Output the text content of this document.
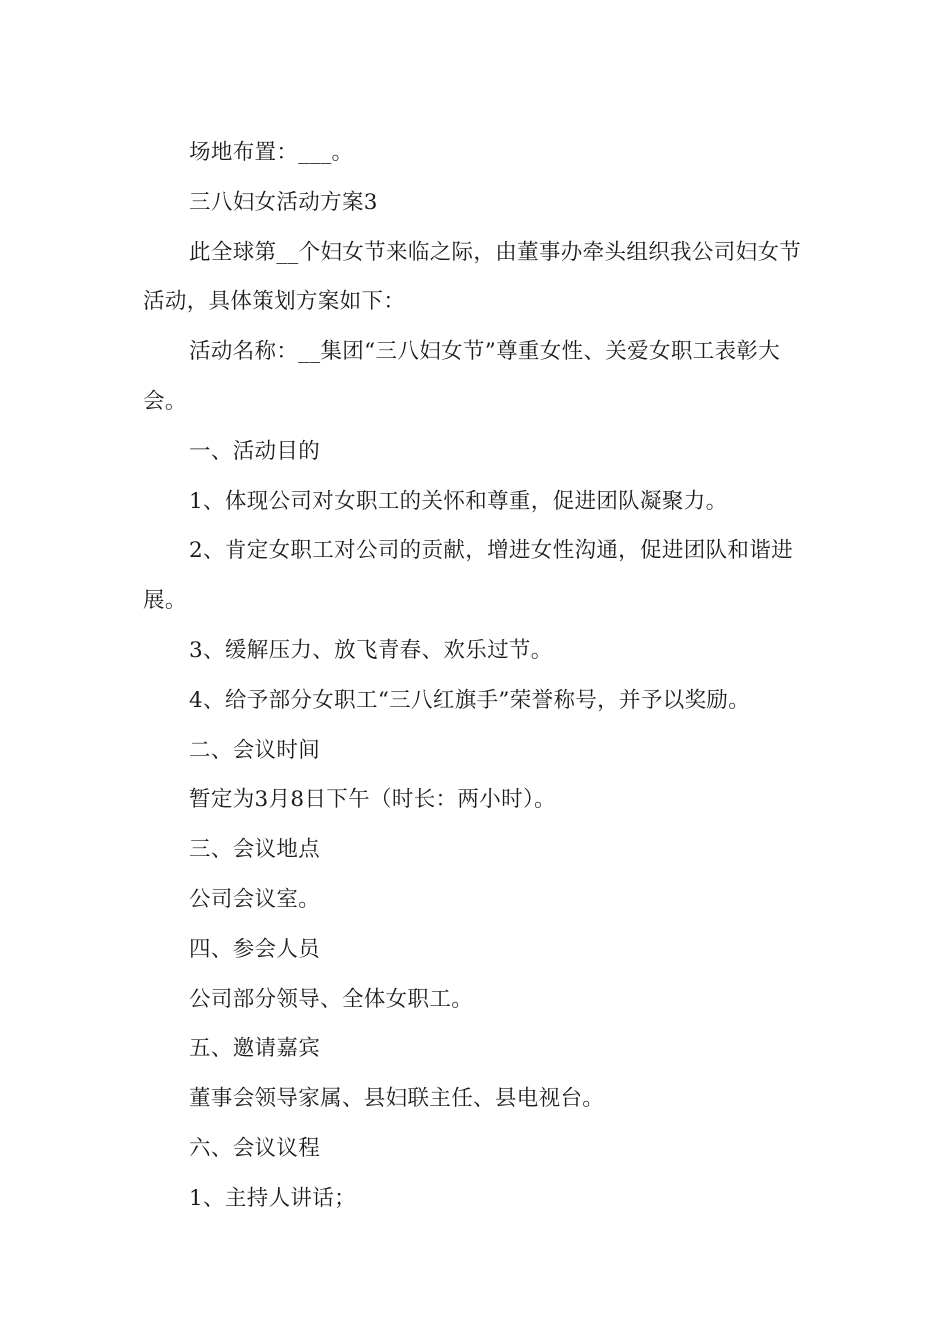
场地布置：___。

三八妇女活动方案3

此全球第__个妇女节来临之际，由董事办牵头组织我公司妇女节活动，具体策划方案如下：

活动名称：__集团“三八妇女节”尊重女性、关爱女职工表彰大会。

一、活动目的

1、体现公司对女职工的关怀和尊重，促进团队凝聚力。

2、肯定女职工对公司的贡献，增进女性沟通，促进团队和谐进展。

3、缓解压力、放飞青春、欢乐过节。

4、给予部分女职工“三八红旗手”荣誉称号，并予以奖励。

二、会议时间

暂定为3月8日下午（时长：两小时）。

三、会议地点

公司会议室。

四、参会人员

公司部分领导、全体女职工。

五、邀请嘉宾

董事会领导家属、县妇联主任、县电视台。

六、会议议程

1、主持人讲话；
